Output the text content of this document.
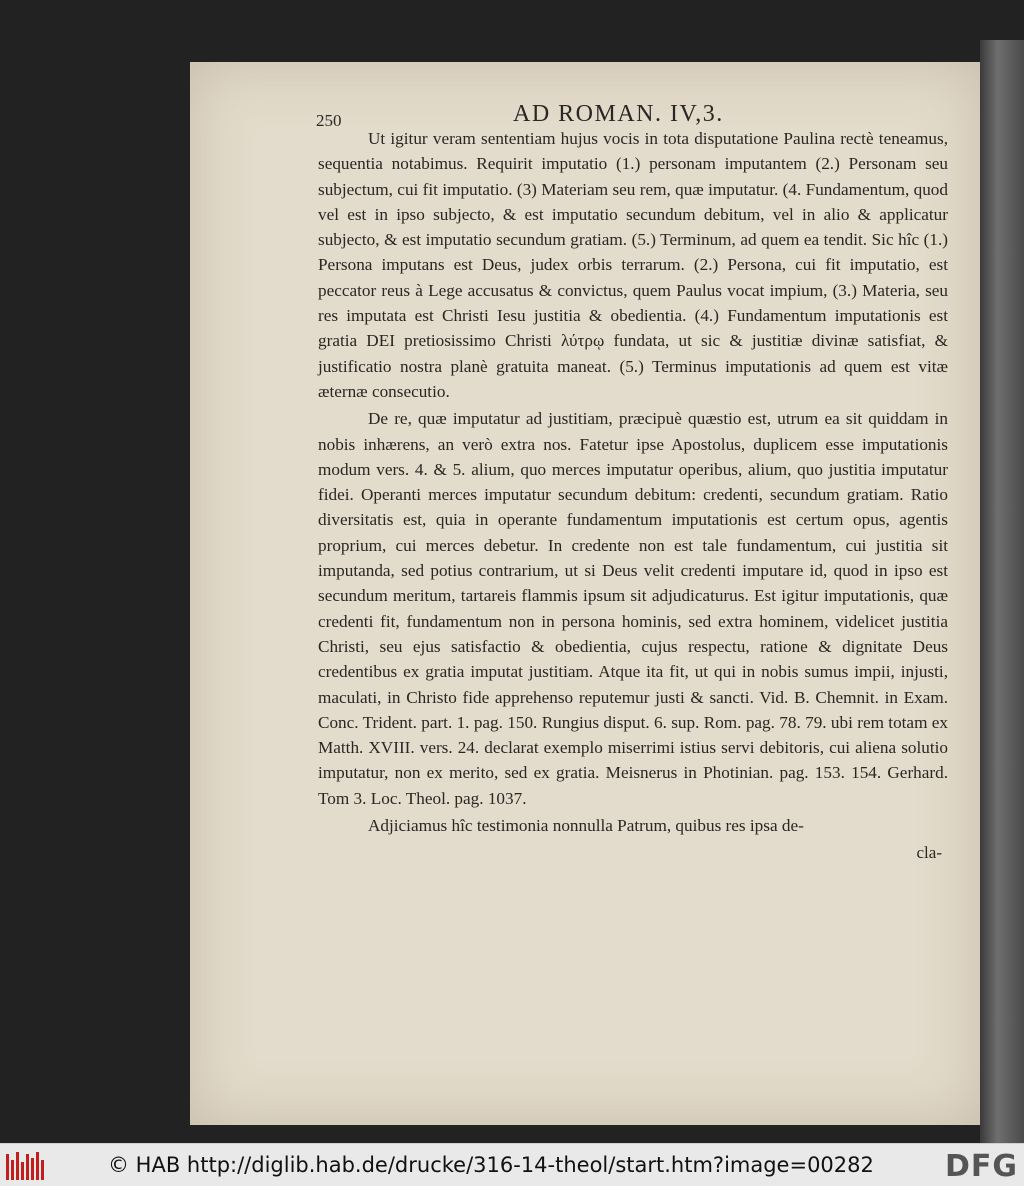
250	AD ROMAN. IV,3.

Ut igitur veram sententiam hujus vocis in tota disputatione Paulina rectè teneamus, sequentia notabimus. Requirit imputatio (1.) personam imputantem (2.) Personam seu subjectum, cui fit imputatio. (3) Materiam seu rem, quæ imputatur. (4. Fundamentum, quod vel est in ipso subjecto, & est imputatio secundum debitum, vel in alio & applicatur subjecto, & est imputatio secundum gratiam. (5.) Terminum, ad quem ea tendit. Sic hîc (1.) Persona imputans est Deus, judex orbis terrarum. (2.) Persona, cui fit imputatio, est peccator reus à Lege accusatus & convictus, quem Paulus vocat impium, (3.) Materia, seu res imputata est Christi Iesu justitia & obedientia. (4.) Fundamentum imputationis est gratia DEI pretiosissimo Christi λύτρῳ fundata, ut sic & justitiæ divinæ satisfiat, & justificatio nostra planè gratuita maneat. (5.) Terminus imputationis ad quem est vitæ æternæ consecutio.

De re, quæ imputatur ad justitiam, præcipuè quæstio est, utrum ea sit quiddam in nobis inhærens, an verò extra nos. Fatetur ipse Apostolus, duplicem esse imputationis modum vers. 4. & 5. alium, quo merces imputatur operibus, alium, quo justitia imputatur fidei. Operanti merces imputatur secundum debitum: credenti, secundum gratiam. Ratio diversitatis est, quia in operante fundamentum imputationis est certum opus, agentis proprium, cui merces debetur. In credente non est tale fundamentum, cui justitia sit imputanda, sed potius contrarium, ut si Deus velit credenti imputare id, quod in ipso est secundum meritum, tartareis flammis ipsum sit adjudicaturus. Est igitur imputationis, quæ credenti fit, fundamentum non in persona hominis, sed extra hominem, videlicet justitia Christi, seu ejus satisfactio & obedientia, cujus respectu, ratione & dignitate Deus credentibus ex gratia imputat justitiam. Atque ita fit, ut qui in nobis sumus impii, injusti, maculati, in Christo fide apprehenso reputemur justi & sancti. Vid. B. Chemnit. in Exam. Conc. Trident. part. 1. pag. 150. Rungius disput. 6. sup. Rom. pag. 78. 79. ubi rem totam ex Matth. XVIII. vers. 24. declarat exemplo miserrimi istius servi debitoris, cui aliena solutio imputatur, non ex merito, sed ex gratia. Meisnerus in Photinian. pag. 153. 154. Gerhard. Tom 3. Loc. Theol. pag. 1037.

Adjiciamus hîc testimonia nonnulla Patrum, quibus res ipsa de-

cla-
© HAB http://diglib.hab.de/drucke/316-14-theol/start.htm?image=00282 DFG
